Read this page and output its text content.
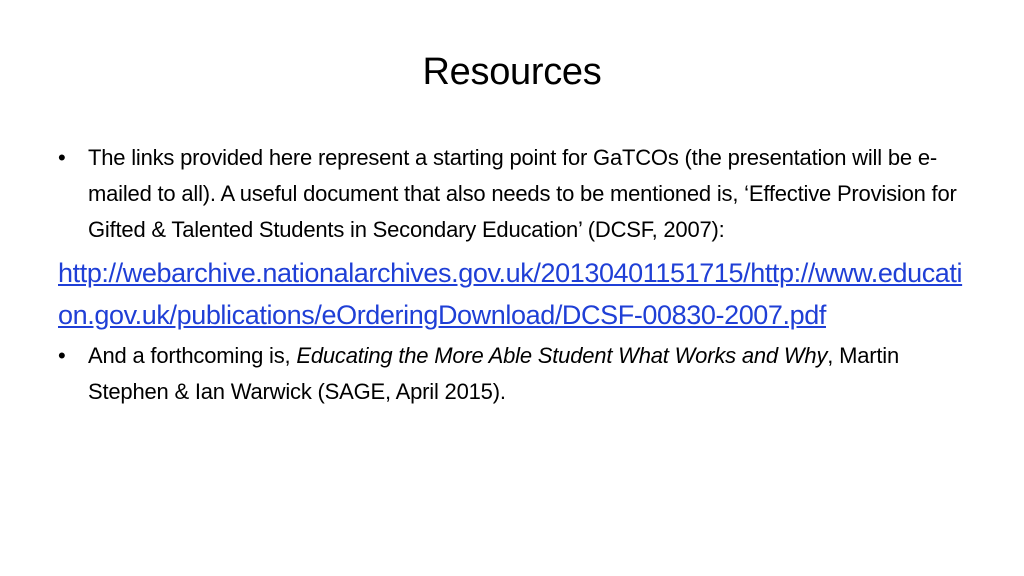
Resources
• The links provided here represent a starting point for GaTCOs (the presentation will be e-mailed to all). A useful document that also needs to be mentioned is, ‘Effective Provision for Gifted & Talented Students in Secondary Education’ (DCSF, 2007):
http://webarchive.nationalarchives.gov.uk/20130401151715/http://www.education.gov.uk/publications/eOrderingDownload/DCSF-00830-2007.pdf
• And a forthcoming is, Educating the More Able Student What Works and Why, Martin Stephen & Ian Warwick (SAGE, April 2015).
